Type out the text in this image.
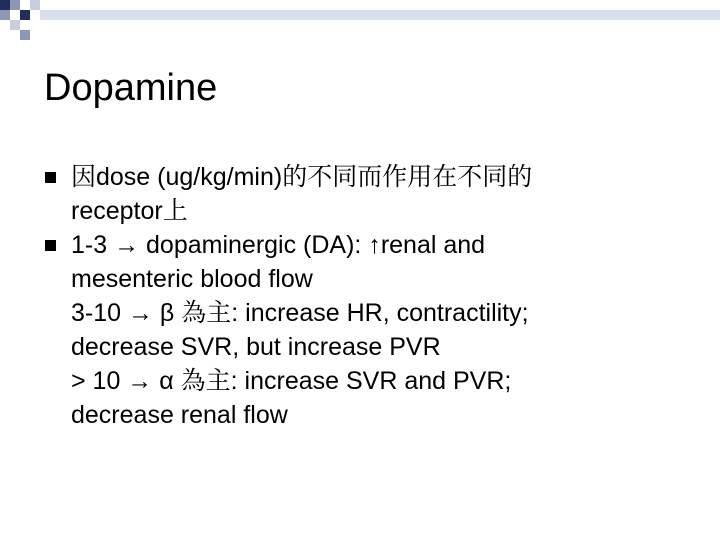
Dopamine
因dose (ug/kg/min)的不同而作用在不同的
receptor上
1-3 → dopaminergic (DA): ↑renal and
mesenteric blood flow
3-10 → β 為主: increase HR, contractility;
decrease SVR, but increase PVR
> 10 → α 為主: increase SVR and PVR;
decrease renal flow
